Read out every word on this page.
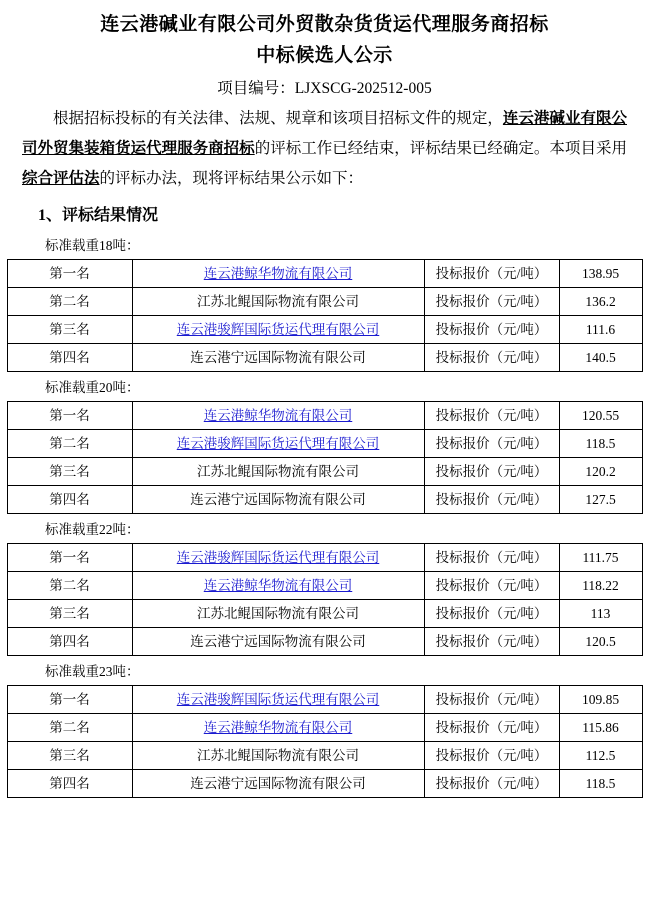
连云港碱业有限公司外贸散杂货货运代理服务商招标
中标候选人公示
项目编号：LJXSCG-202512-005

根据招标投标的有关法律、法规、规章和该项目招标文件的规定，连云港碱业有限公司外贸集装箱货运代理服务商招标的评标工作已经结束，评标结果已经确定。本项目采用综合评估法的评标办法，现将评标结果公示如下：

1、评标结果情况
标准载重18吨：
第一名	连云港鲸华物流有限公司	投标报价（元/吨）	138.95
第二名	江苏北鲲国际物流有限公司	投标报价（元/吨）	136.2
第三名	连云港骏辉国际货运代理有限公司	投标报价（元/吨）	111.6
第四名	连云港宁远国际物流有限公司	投标报价（元/吨）	140.5
标准载重20吨：
第一名	连云港鲸华物流有限公司	投标报价（元/吨）	120.55
第二名	连云港骏辉国际货运代理有限公司	投标报价（元/吨）	118.5
第三名	江苏北鲲国际物流有限公司	投标报价（元/吨）	120.2
第四名	连云港宁远国际物流有限公司	投标报价（元/吨）	127.5
标准载重22吨：
第一名	连云港骏辉国际货运代理有限公司	投标报价（元/吨）	111.75
第二名	连云港鲸华物流有限公司	投标报价（元/吨）	118.22
第三名	江苏北鲲国际物流有限公司	投标报价（元/吨）	113
第四名	连云港宁远国际物流有限公司	投标报价（元/吨）	120.5
标准载重23吨：
第一名	连云港骏辉国际货运代理有限公司	投标报价（元/吨）	109.85
第二名	连云港鲸华物流有限公司	投标报价（元/吨）	115.86
第三名	江苏北鲲国际物流有限公司	投标报价（元/吨）	112.5
第四名	连云港宁远国际物流有限公司	投标报价（元/吨）	118.5
